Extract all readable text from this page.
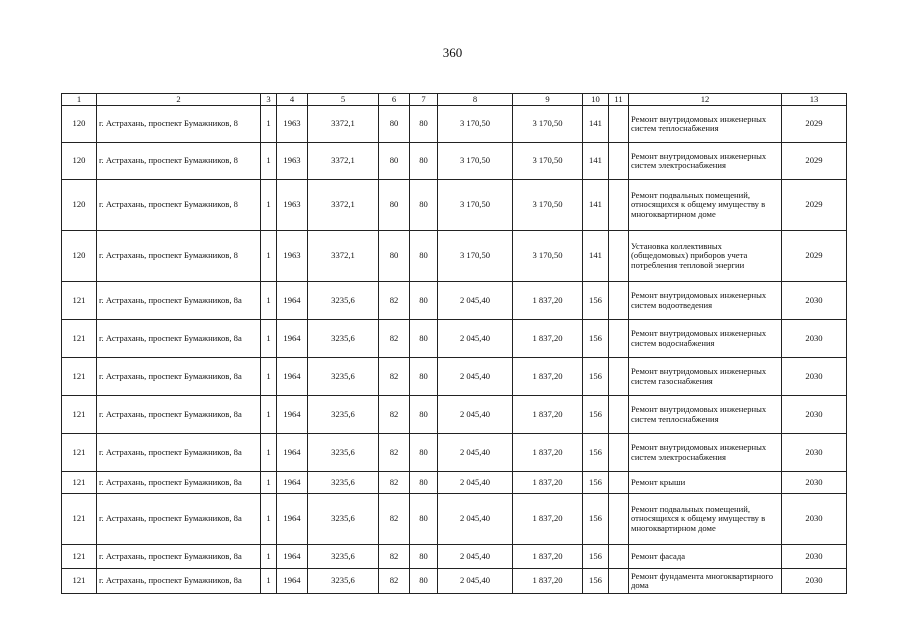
360
1	2	3	4	5	6	7	8	9	10	11	12	13
120	г. Астрахань, проспект Бумажников, 8	1	1963	3372,1	80	80	3 170,50	3 170,50	141		Ремонт внутридомовых инженерных систем теплоснабжения	2029
120	г. Астрахань, проспект Бумажников, 8	1	1963	3372,1	80	80	3 170,50	3 170,50	141		Ремонт внутридомовых инженерных систем электроснабжения	2029
120	г. Астрахань, проспект Бумажников, 8	1	1963	3372,1	80	80	3 170,50	3 170,50	141		Ремонт подвальных помещений, относящихся к общему имуществу в многоквартирном доме	2029
120	г. Астрахань, проспект Бумажников, 8	1	1963	3372,1	80	80	3 170,50	3 170,50	141		Установка коллективных (общедомовых) приборов учета потребления тепловой энергии	2029
121	г. Астрахань, проспект Бумажников, 8а	1	1964	3235,6	82	80	2 045,40	1 837,20	156		Ремонт внутридомовых инженерных систем водоотведения	2030
121	г. Астрахань, проспект Бумажников, 8а	1	1964	3235,6	82	80	2 045,40	1 837,20	156		Ремонт внутридомовых инженерных систем водоснабжения	2030
121	г. Астрахань, проспект Бумажников, 8а	1	1964	3235,6	82	80	2 045,40	1 837,20	156		Ремонт внутридомовых инженерных систем газоснабжения	2030
121	г. Астрахань, проспект Бумажников, 8а	1	1964	3235,6	82	80	2 045,40	1 837,20	156		Ремонт внутридомовых инженерных систем теплоснабжения	2030
121	г. Астрахань, проспект Бумажников, 8а	1	1964	3235,6	82	80	2 045,40	1 837,20	156		Ремонт внутридомовых инженерных систем электроснабжения	2030
121	г. Астрахань, проспект Бумажников, 8а	1	1964	3235,6	82	80	2 045,40	1 837,20	156		Ремонт крыши	2030
121	г. Астрахань, проспект Бумажников, 8а	1	1964	3235,6	82	80	2 045,40	1 837,20	156		Ремонт подвальных помещений, относящихся к общему имуществу в многоквартирном доме	2030
121	г. Астрахань, проспект Бумажников, 8а	1	1964	3235,6	82	80	2 045,40	1 837,20	156		Ремонт фасада	2030
121	г. Астрахань, проспект Бумажников, 8а	1	1964	3235,6	82	80	2 045,40	1 837,20	156		Ремонт фундамента многоквартирного дома	2030
